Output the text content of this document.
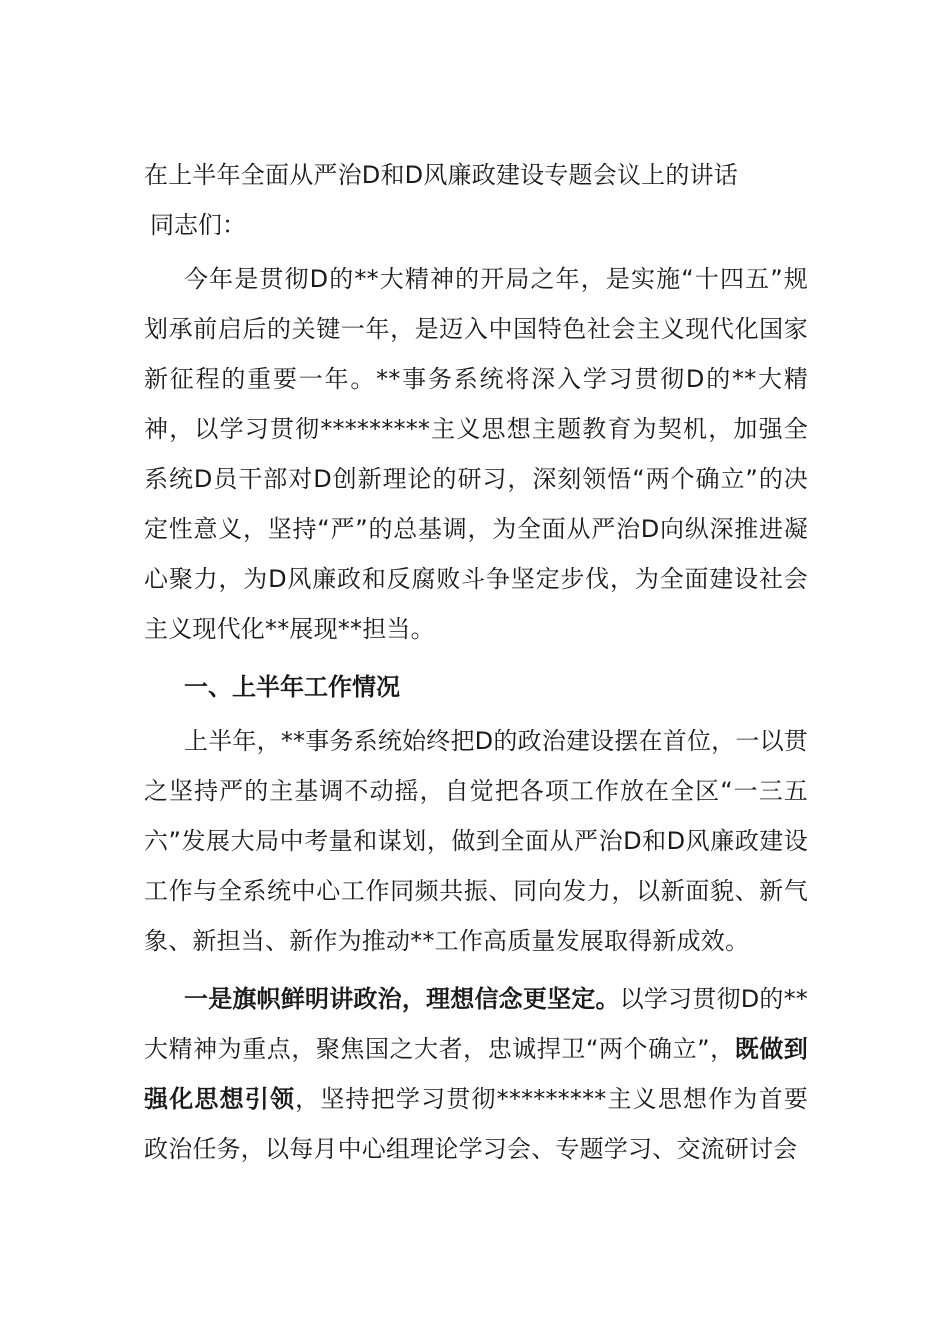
在上半年全面从严治D和D风廉政建设专题会议上的讲话

同志们：

今年是贯彻D的**大精神的开局之年，是实施“十四五”规划承前启后的关键一年，是迈入中国特色社会主义现代化国家新征程的重要一年。**事务系统将深入学习贯彻D的**大精神，以学习贯彻*********主义思想主题教育为契机，加强全系统D员干部对D创新理论的研习，深刻领悟“两个确立”的决定性意义，坚持“严”的总基调，为全面从严治D向纵深推进凝心聚力，为D风廉政和反腐败斗争坚定步伐，为全面建设社会主义现代化**展现**担当。

一、上半年工作情况

上半年，**事务系统始终把D的政治建设摆在首位，一以贯之坚持严的主基调不动摇，自觉把各项工作放在全区“一三五六”发展大局中考量和谋划，做到全面从严治D和D风廉政建设工作与全系统中心工作同频共振、同向发力，以新面貌、新气象、新担当、新作为推动**工作高质量发展取得新成效。

一是旗帜鲜明讲政治，理想信念更坚定。以学习贯彻D的**大精神为重点，聚焦国之大者，忠诚捍卫“两个确立”，既做到强化思想引领，坚持把学习贯彻*********主义思想作为首要政治任务，以每月中心组理论学习会、专题学习、交流研讨会
